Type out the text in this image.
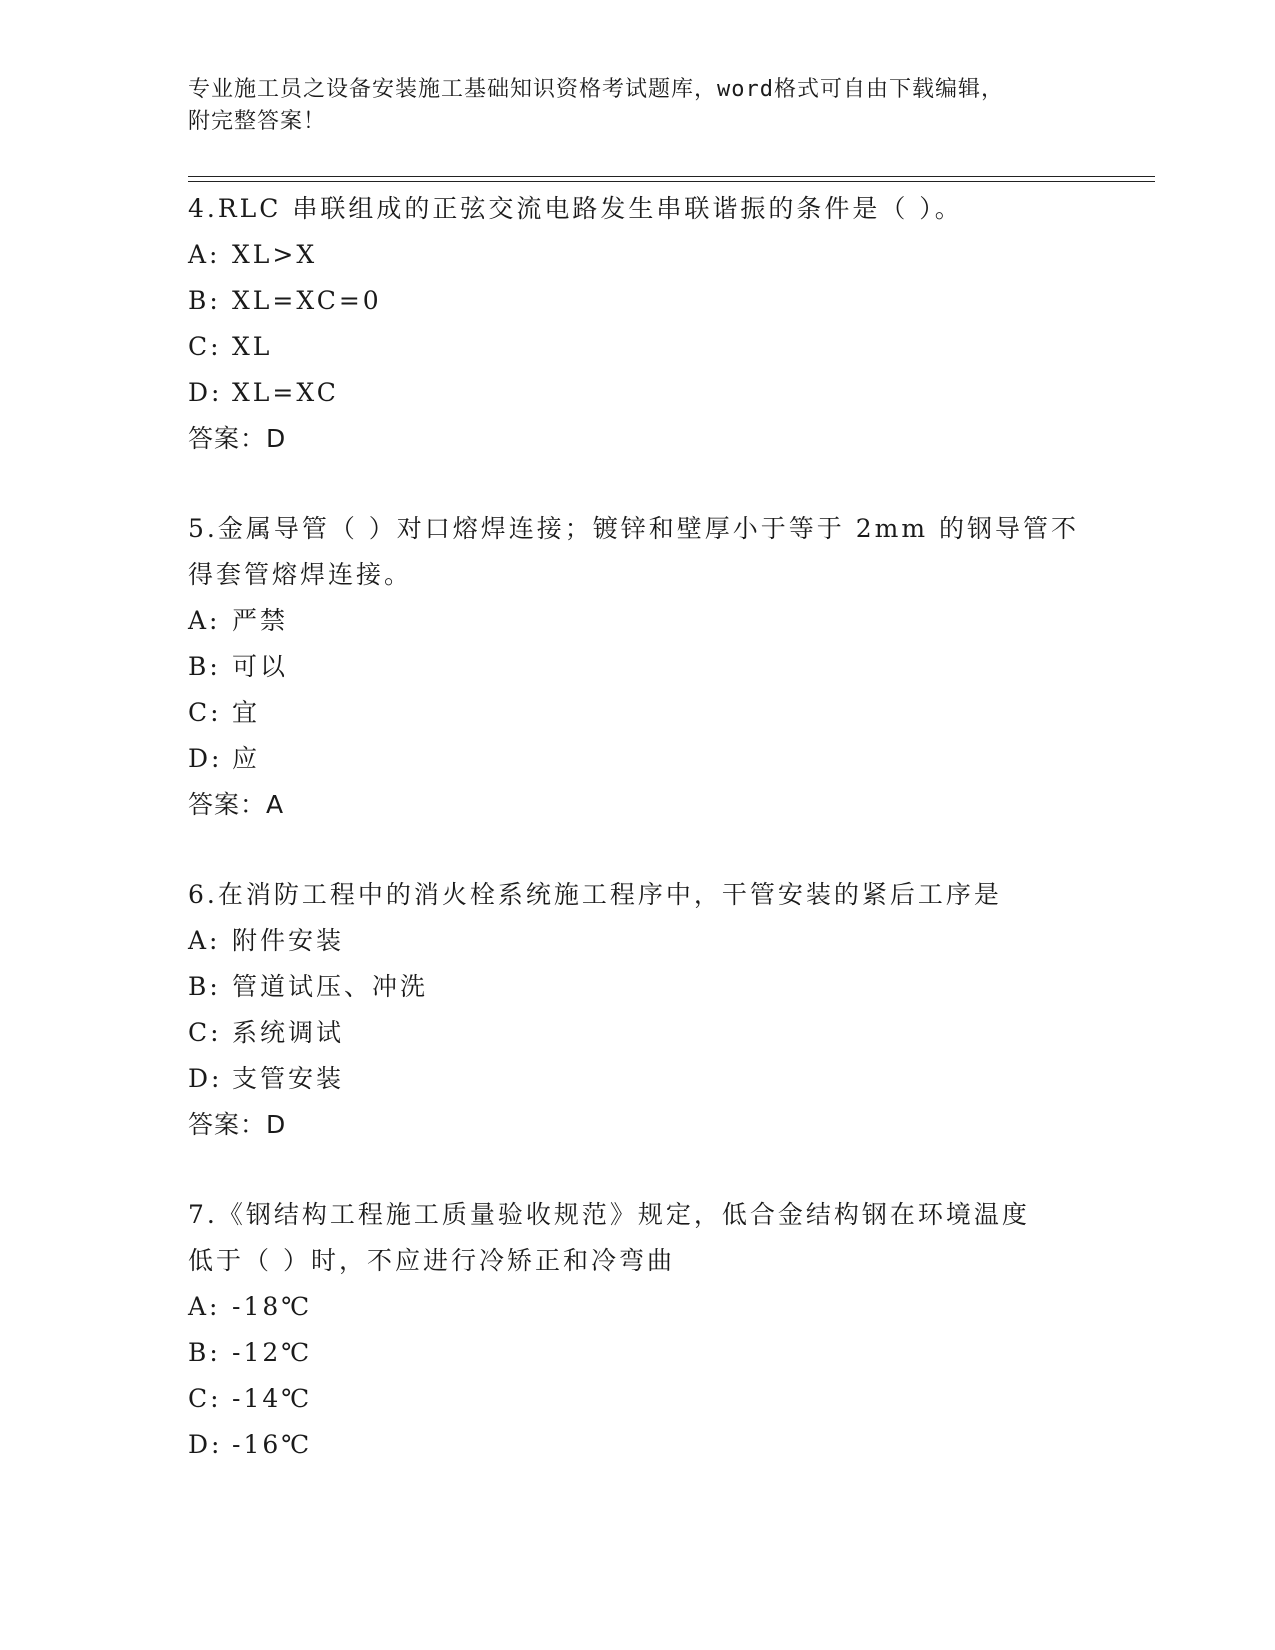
专业施工员之设备安装施工基础知识资格考试题库，word格式可自由下载编辑，
附完整答案！
4.RLC 串联组成的正弦交流电路发生串联谐振的条件是（ ）。
A: XL>X
B: XL=XC=0
C: XL
D: XL=XC
答案：D
5.金属导管（ ）对口熔焊连接；镀锌和壁厚小于等于 2mm 的钢导管不
得套管熔焊连接。
A: 严禁
B: 可以
C: 宜
D: 应
答案：A
6.在消防工程中的消火栓系统施工程序中，干管安装的紧后工序是
A: 附件安装
B: 管道试压、冲洗
C: 系统调试
D: 支管安装
答案：D
7.《钢结构工程施工质量验收规范》规定，低合金结构钢在环境温度
低于（ ）时，不应进行冷矫正和冷弯曲
A: -18℃
B: -12℃
C: -14℃
D: -16℃
